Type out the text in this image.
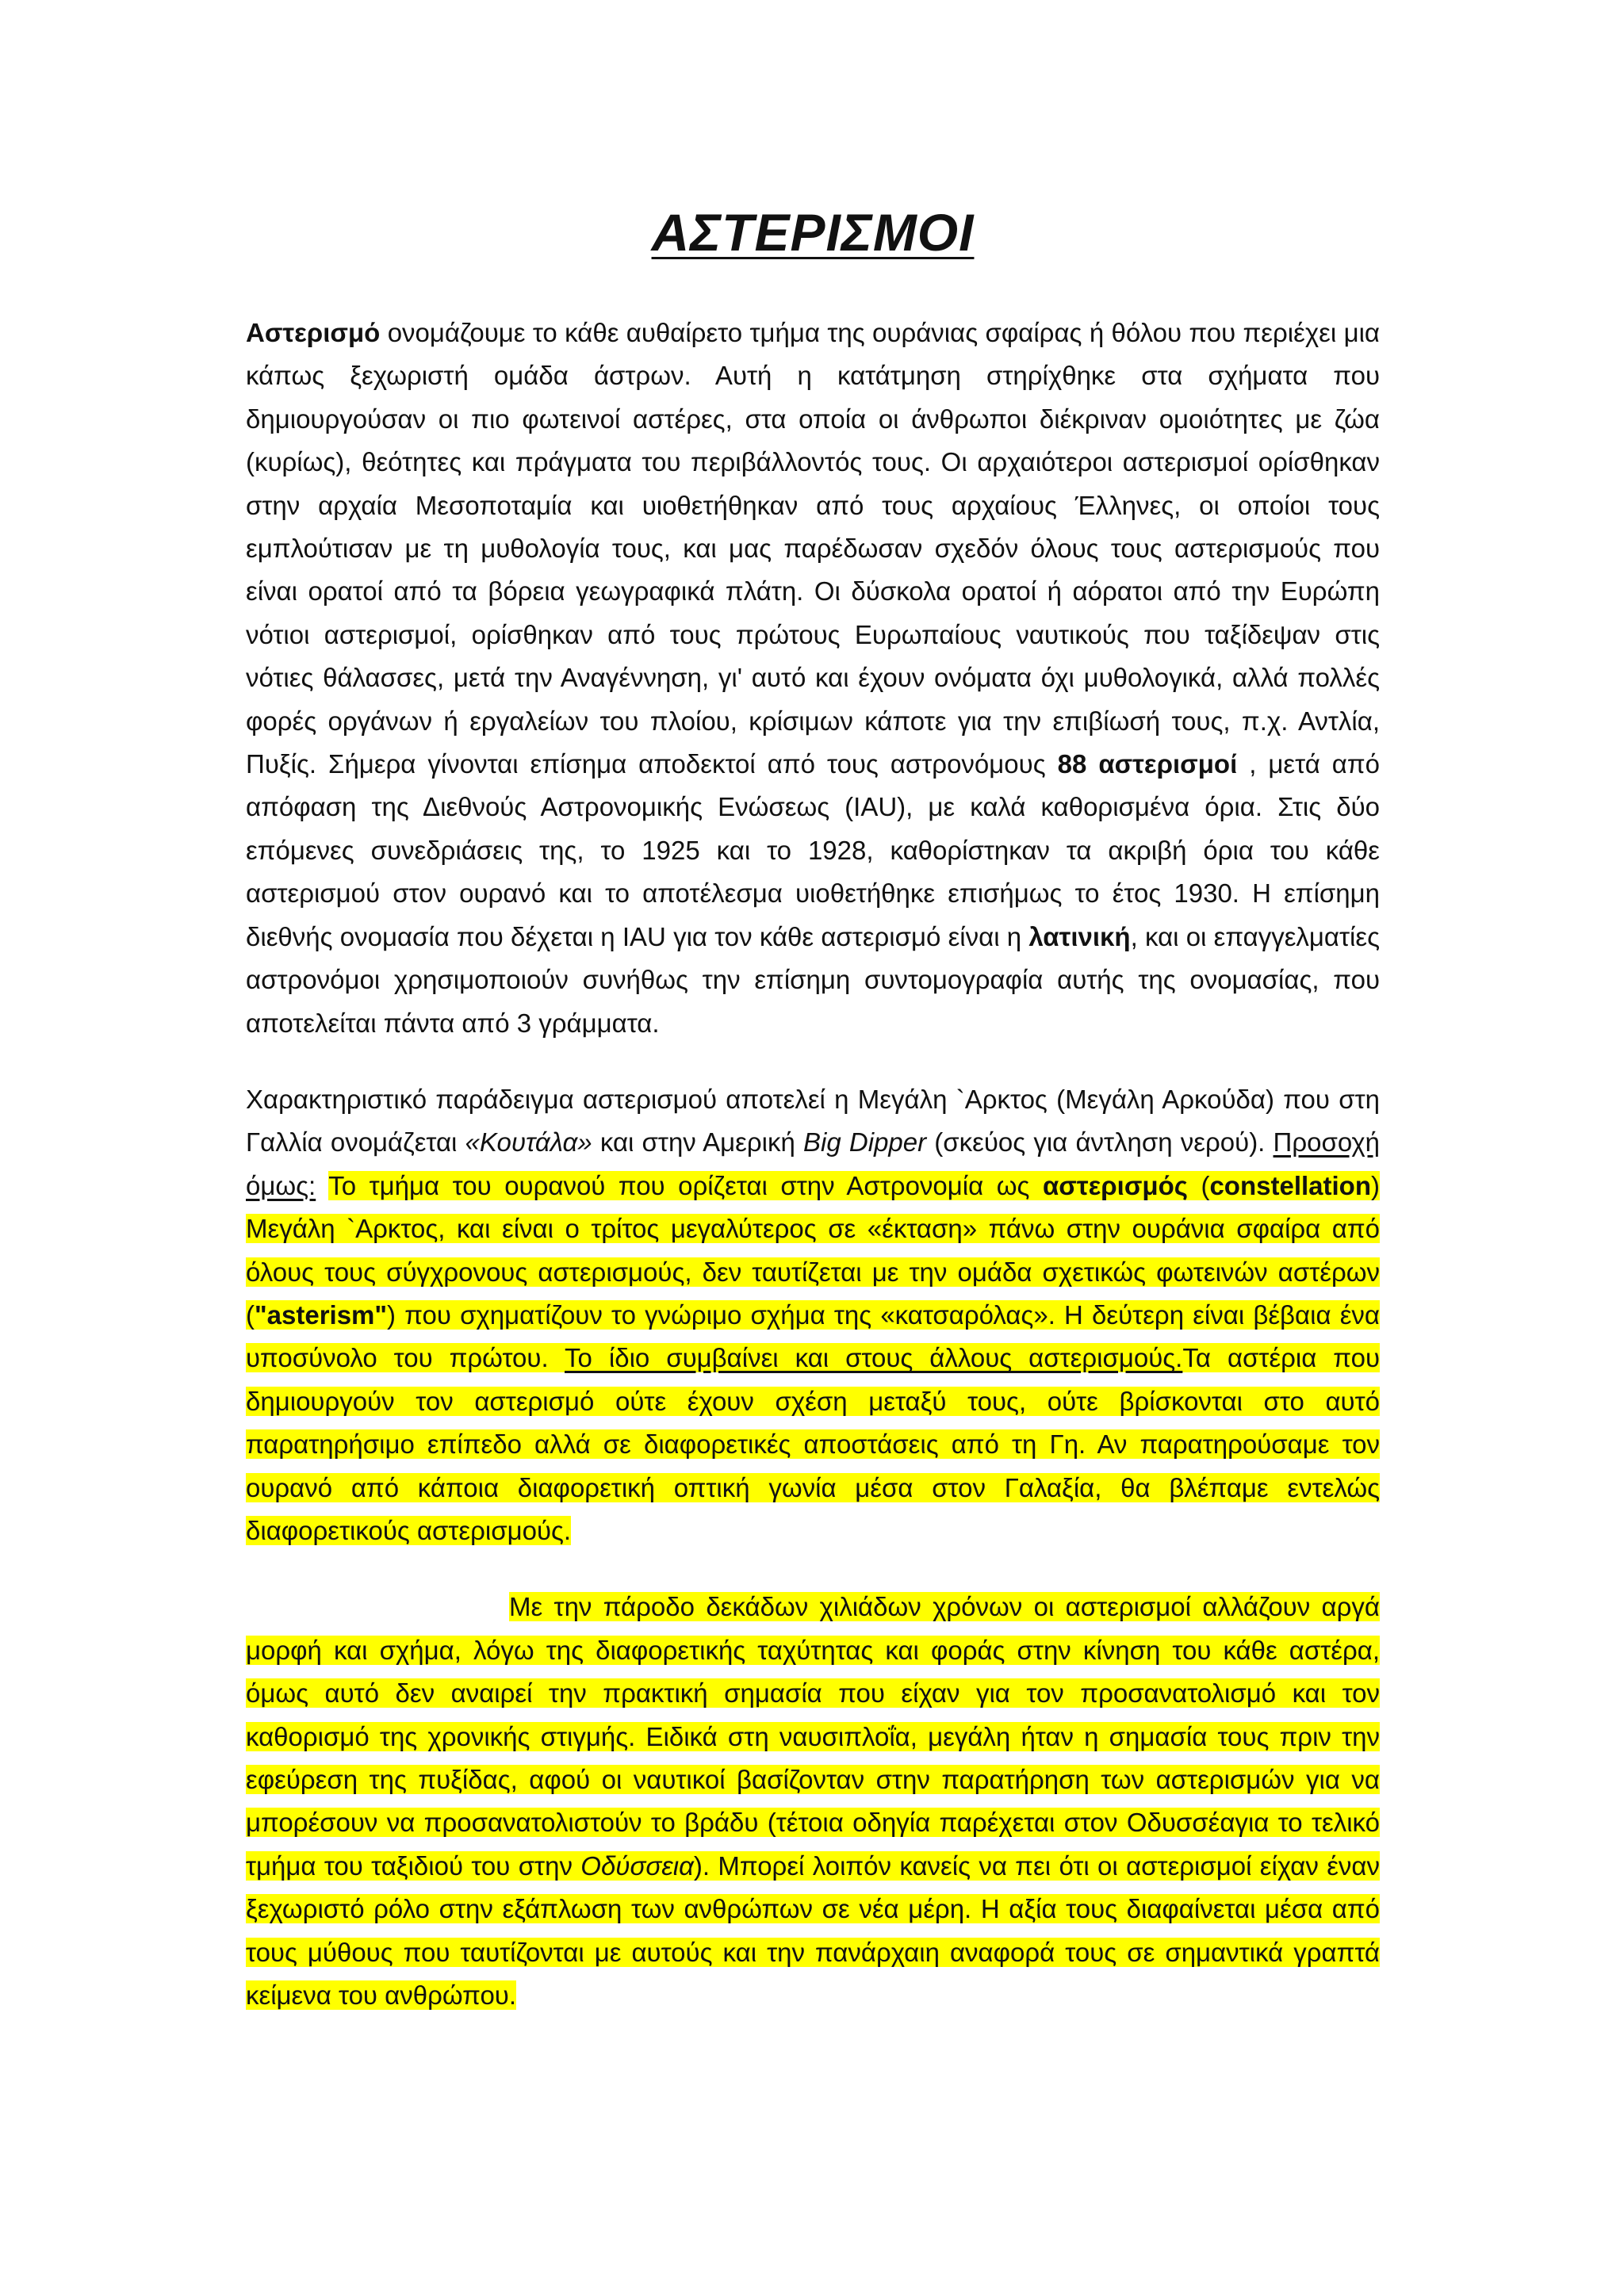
ΑΣΤΕΡΙΣΜΟΙ

Αστερισμό ονομάζουμε το κάθε αυθαίρετο τμήμα της ουράνιας σφαίρας ή θόλου που περιέχει μια κάπως ξεχωριστή ομάδα άστρων. Αυτή η κατάτμηση στηρίχθηκε στα σχήματα που δημιουργούσαν οι πιο φωτεινοί αστέρες, στα οποία οι άνθρωποι διέκριναν ομοιότητες με ζώα (κυρίως), θεότητες και πράγματα του περιβάλλοντός τους. Οι αρχαιότεροι αστερισμοί ορίσθηκαν στην αρχαία Μεσοποταμία και υιοθετήθηκαν από τους αρχαίους Έλληνες, οι οποίοι τους εμπλούτισαν με τη μυθολογία τους, και μας παρέδωσαν σχεδόν όλους τους αστερισμούς που είναι ορατοί από τα βόρεια γεωγραφικά πλάτη. Οι δύσκολα ορατοί ή αόρατοι από την Ευρώπη νότιοι αστερισμοί, ορίσθηκαν από τους πρώτους Ευρωπαίους ναυτικούς που ταξίδεψαν στις νότιες θάλασσες, μετά την Αναγέννηση, γι' αυτό και έχουν ονόματα όχι μυθολογικά, αλλά πολλές φορές οργάνων ή εργαλείων του πλοίου, κρίσιμων κάποτε για την επιβίωσή τους, π.χ. Αντλία, Πυξίς. Σήμερα γίνονται επίσημα αποδεκτοί από τους αστρονόμους 88 αστερισμοί , μετά από απόφαση της Διεθνούς Αστρονομικής Ενώσεως (IAU), με καλά καθορισμένα όρια. Στις δύο επόμενες συνεδριάσεις της, το 1925 και το 1928, καθορίστηκαν τα ακριβή όρια του κάθε αστερισμού στον ουρανό και το αποτέλεσμα υιοθετήθηκε επισήμως το έτος 1930. Η επίσημη διεθνής ονομασία που δέχεται η IAU για τον κάθε αστερισμό είναι η λατινική, και οι επαγγελματίες αστρονόμοι χρησιμοποιούν συνήθως την επίσημη συντομογραφία αυτής της ονομασίας, που αποτελείται πάντα από 3 γράμματα.

Χαρακτηριστικό παράδειγμα αστερισμού αποτελεί η Μεγάλη `Αρκτος (Μεγάλη Αρκούδα) που στη Γαλλία ονομάζεται «Κουτάλα» και στην Αμερική Big Dipper (σκεύος για άντληση νερού). Προσοχή όμως: Το τμήμα του ουρανού που ορίζεται στην Αστρονομία ως αστερισμός (constellation) Μεγάλη `Αρκτος, και είναι ο τρίτος μεγαλύτερος σε «έκταση» πάνω στην ουράνια σφαίρα από όλους τους σύγχρονους αστερισμούς, δεν ταυτίζεται με την ομάδα σχετικώς φωτεινών αστέρων ("asterism") που σχηματίζουν το γνώριμο σχήμα της «κατσαρόλας». Η δεύτερη είναι βέβαια ένα υποσύνολο του πρώτου. Το ίδιο συμβαίνει και στους άλλους αστερισμούς.Τα αστέρια που δημιουργούν τον αστερισμό ούτε έχουν σχέση μεταξύ τους, ούτε βρίσκονται στο αυτό παρατηρήσιμο επίπεδο αλλά σε διαφορετικές αποστάσεις από τη Γη. Αν παρατηρούσαμε τον ουρανό από κάποια διαφορετική οπτική γωνία μέσα στον Γαλαξία, θα βλέπαμε εντελώς διαφορετικούς αστερισμούς.

Με την πάροδο δεκάδων χιλιάδων χρόνων οι αστερισμοί αλλάζουν αργά μορφή και σχήμα, λόγω της διαφορετικής ταχύτητας και φοράς στην κίνηση του κάθε αστέρα, όμως αυτό δεν αναιρεί την πρακτική σημασία που είχαν για τον προσανατολισμό και τον καθορισμό της χρονικής στιγμής. Ειδικά στη ναυσιπλοΐα, μεγάλη ήταν η σημασία τους πριν την εφεύρεση της πυξίδας, αφού οι ναυτικοί βασίζονταν στην παρατήρηση των αστερισμών για να μπορέσουν να προσανατολιστούν το βράδυ (τέτοια οδηγία παρέχεται στον Οδυσσέαγια το τελικό τμήμα του ταξιδιού του στην Οδύσσεια). Μπορεί λοιπόν κανείς να πει ότι οι αστερισμοί είχαν έναν ξεχωριστό ρόλο στην εξάπλωση των ανθρώπων σε νέα μέρη. Η αξία τους διαφαίνεται μέσα από τους μύθους που ταυτίζονται με αυτούς και την πανάρχαιη αναφορά τους σε σημαντικά γραπτά κείμενα του ανθρώπου.
